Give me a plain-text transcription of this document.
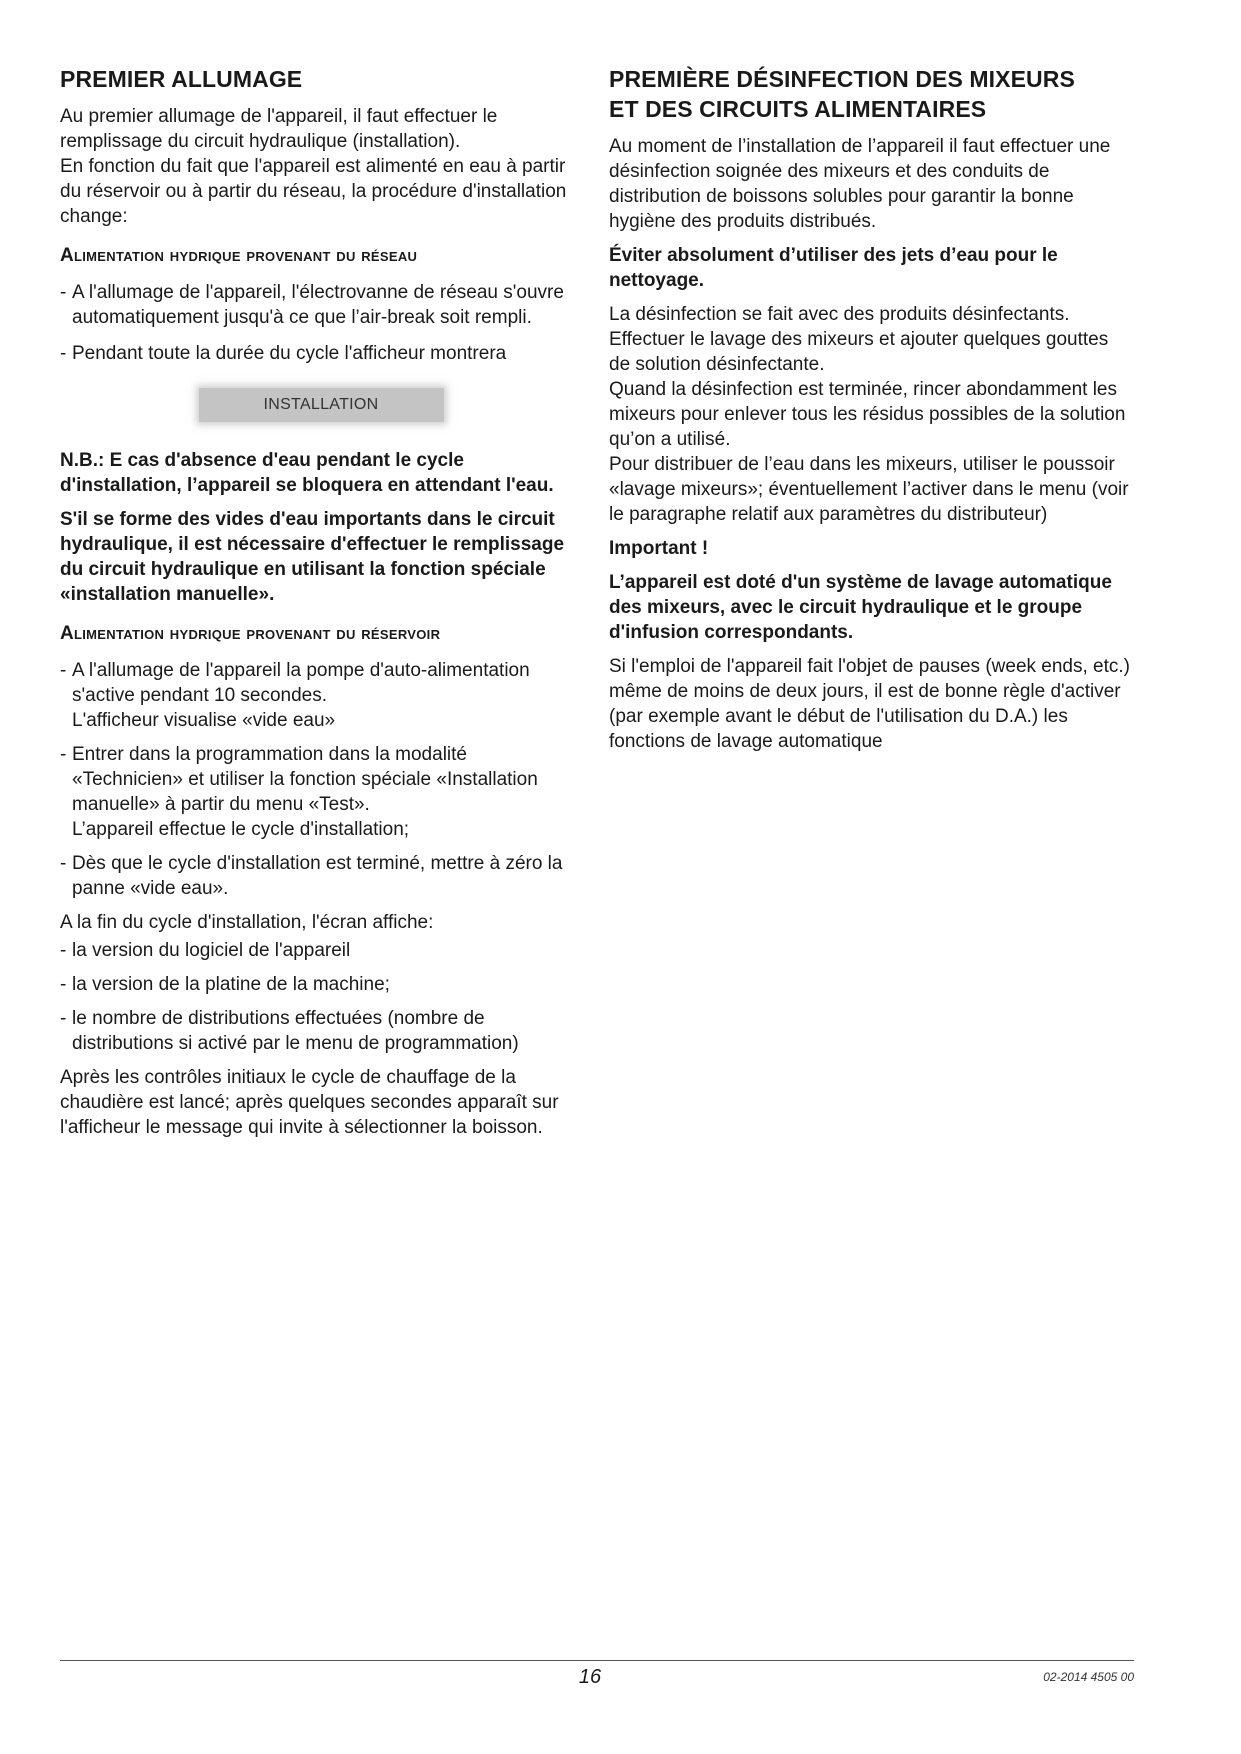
PREMIER ALLUMAGE

Au premier allumage de l'appareil, il faut effectuer le remplissage du circuit hydraulique (installation).

En fonction du fait que l'appareil est alimenté en eau à partir du réservoir ou à partir du réseau, la procédure d'installation change:

Alimentation hydrique provenant du réseau
- A l'allumage de l'appareil, l'électrovanne de réseau s'ouvre automatiquement jusqu'à ce que l’air-break soit rempli.
- Pendant toute la durée du cycle l'afficheur montrera
INSTALLATION

N.B.: E cas d'absence d'eau pendant le cycle d'installation, l’appareil se bloquera en attendant l'eau.

S'il se forme des vides d'eau importants dans le circuit hydraulique, il est nécessaire d'effectuer le remplissage du circuit hydraulique en utilisant la fonction spéciale «installation manuelle».

Alimentation hydrique provenant du réservoir
- A l'allumage de l'appareil la pompe d'auto-alimentation s'active pendant 10 secondes.
L'afficheur visualise «vide eau»
- Entrer dans la programmation dans la modalité «Technicien» et utiliser la fonction spéciale «Installation manuelle» à partir du menu «Test».
L’appareil effectue le cycle d'installation;
- Dès que le cycle d'installation est terminé, mettre à zéro la panne «vide eau».

A la fin du cycle d'installation, l'écran affiche:

- la version du logiciel de l'appareil
- la version de la platine de la machine;
- le nombre de distributions effectuées (nombre de distributions si activé par le menu de programmation)

Après les contrôles initiaux le cycle de chauffage de la chaudière est lancé; après quelques secondes apparaît sur l'afficheur le message qui invite à sélectionner la boisson.

PREMIÈRE DÉSINFECTION DES MIXEURS
ET DES CIRCUITS ALIMENTAIRES

Au moment de l’installation de l’appareil il faut effectuer une désinfection soignée des mixeurs et des conduits de distribution de boissons solubles pour garantir la bonne hygiène des produits distribués.

Éviter absolument d’utiliser des jets d’eau pour le nettoyage.

La désinfection se fait avec des produits désinfectants.

Effectuer le lavage des mixeurs et ajouter quelques gouttes de solution désinfectante.

Quand la désinfection est terminée, rincer abondamment les mixeurs pour enlever tous les résidus possibles de la solution qu’on a utilisé.

Pour distribuer de l’eau dans les mixeurs, utiliser le poussoir «lavage mixeurs»; éventuellement l’activer dans le menu (voir le paragraphe relatif aux paramètres du distributeur)

Important !

L’appareil est doté d'un système de lavage automatique des mixeurs, avec le circuit hydraulique et le groupe d'infusion correspondants.

Si l'emploi de l'appareil fait l'objet de pauses (week ends, etc.) même de moins de deux jours, il est de bonne règle d'activer (par exemple avant le début de l'utilisation du D.A.) les fonctions de lavage automatique

16	02-2014 4505 00
